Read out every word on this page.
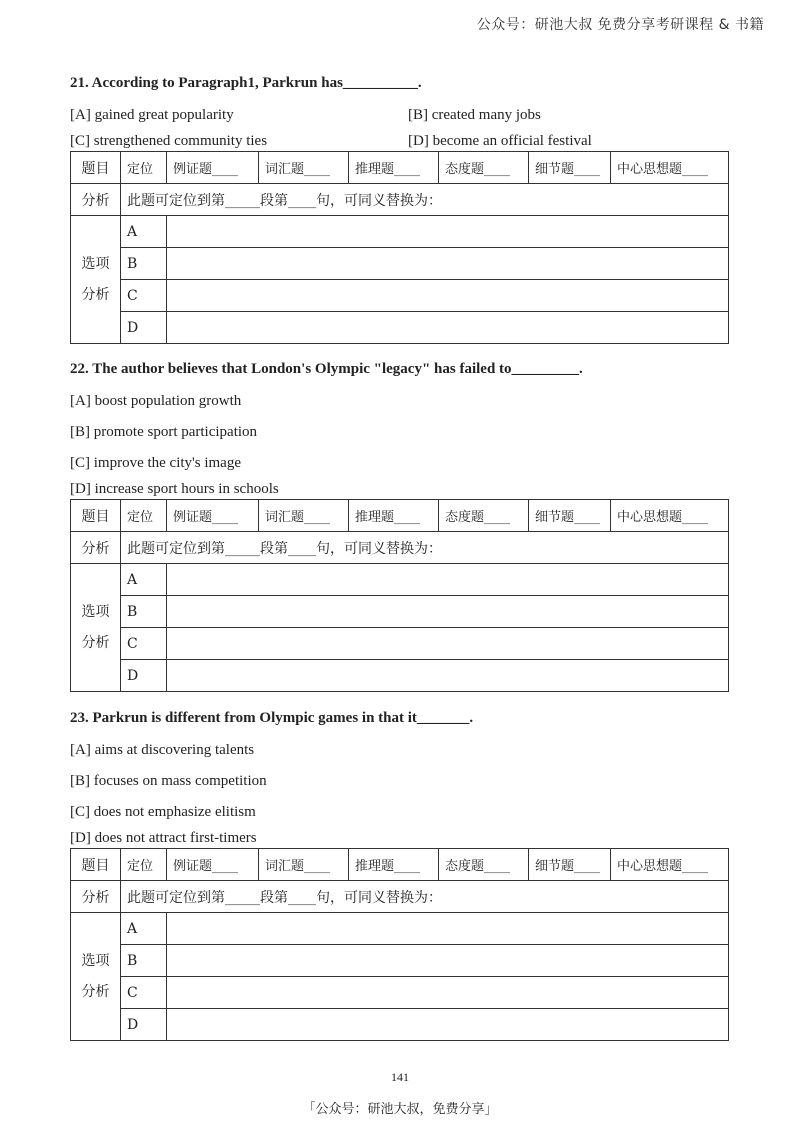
公众号：研池大叔 免费分享考研课程 & 书籍

21. According to Paragraph1, Parkrun has__________.

[A] gained great popularity	[B] created many jobs
[C] strengthened community ties	[D] become an official festival
题目	定位	例证题____	词汇题____	推理题____	态度题____	细节题____	中心思想题____
分析	此题可定位到第_____段第____句，可同义替换为：						

选项
分析	A						
	B						
	C						
	D						

22. The author believes that London's Olympic "legacy" has failed to_________.

[A] boost population growth
[B] promote sport participation
[C] improve the city's image
[D] increase sport hours in schools
题目	定位	例证题____	词汇题____	推理题____	态度题____	细节题____	中心思想题____
分析	此题可定位到第_____段第____句，可同义替换为：						

选项
分析	A						
	B						
	C						
	D						

23. Parkrun is different from Olympic games in that it_______.

[A] aims at discovering talents
[B] focuses on mass competition
[C] does not emphasize elitism
[D] does not attract first-timers
题目	定位	例证题____	词汇题____	推理题____	态度题____	细节题____	中心思想题____
分析	此题可定位到第_____段第____句，可同义替换为：						

选项
分析	A						
	B						
	C						
	D						
141
「公众号：研池大叔，免费分享」
